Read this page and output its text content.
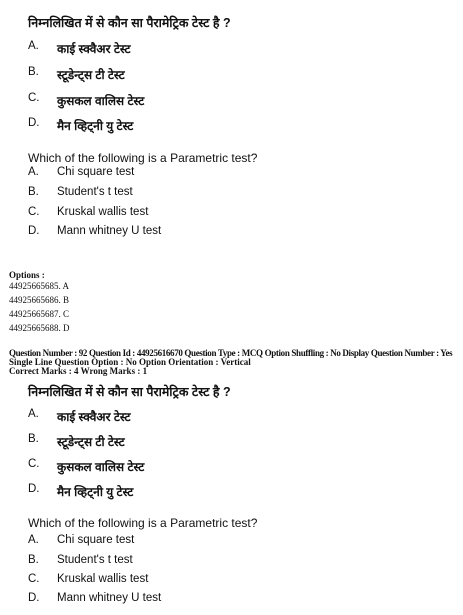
निम्नलिखित में से कौन सा पैरामेट्रिक टेस्ट है ?
A. काई स्क्वैअर टेस्ट
B. स्टूडेन्ट्स टी टेस्ट
C. कुसकल वालिस टेस्ट
D. मैन व्हिट्नी यु टेस्ट
Which of the following is a Parametric test?
A. Chi square test
B. Student's t test
C. Kruskal wallis test
D. Mann whitney U test
Options :
44925665685. A
44925665686. B
44925665687. C
44925665688. D
Question Number : 92 Question Id : 44925616670 Question Type : MCQ Option Shuffling : No Display Question Number : Yes
Single Line Question Option : No Option Orientation : Vertical
Correct Marks : 4 Wrong Marks : 1
निम्नलिखित में से कौन सा पैरामेट्रिक टेस्ट है ?
A. काई स्क्वैअर टेस्ट
B. स्टूडेन्ट्स टी टेस्ट
C. कुसकल वालिस टेस्ट
D. मैन व्हिट्नी यु टेस्ट
Which of the following is a Parametric test?
A. Chi square test
B. Student's t test
C. Kruskal wallis test
D. Mann whitney U test
